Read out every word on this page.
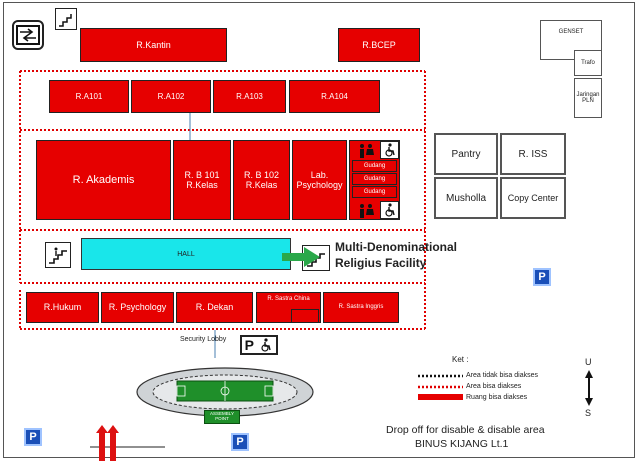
R.Kantin	R.BCEP
R.A101	R.A102	R.A103	R.A104
R. Akademis	R. B 101
R.Kelas
R. B 102
R.Kelas
Lab.
Psychology
Gudang
Gudang
Gudang
HALL	Multi-Denominational
Religius Facility
R.Hukum	R. Psychology	R. Dekan
R. Sastra China
R. Sastra Inggris
GENSET
Trafo
Jaringan PLN
Pantry	R. ISS
Musholla	Copy Center
P
P	P
P
Security Lobby
ASSEMBLY
POINT
Ket :
Area tidak bisa diakses
Area bisa diakses
Ruang bisa diakses
U
S
Drop off for disable & disable area
BINUS KIJANG Lt.1
